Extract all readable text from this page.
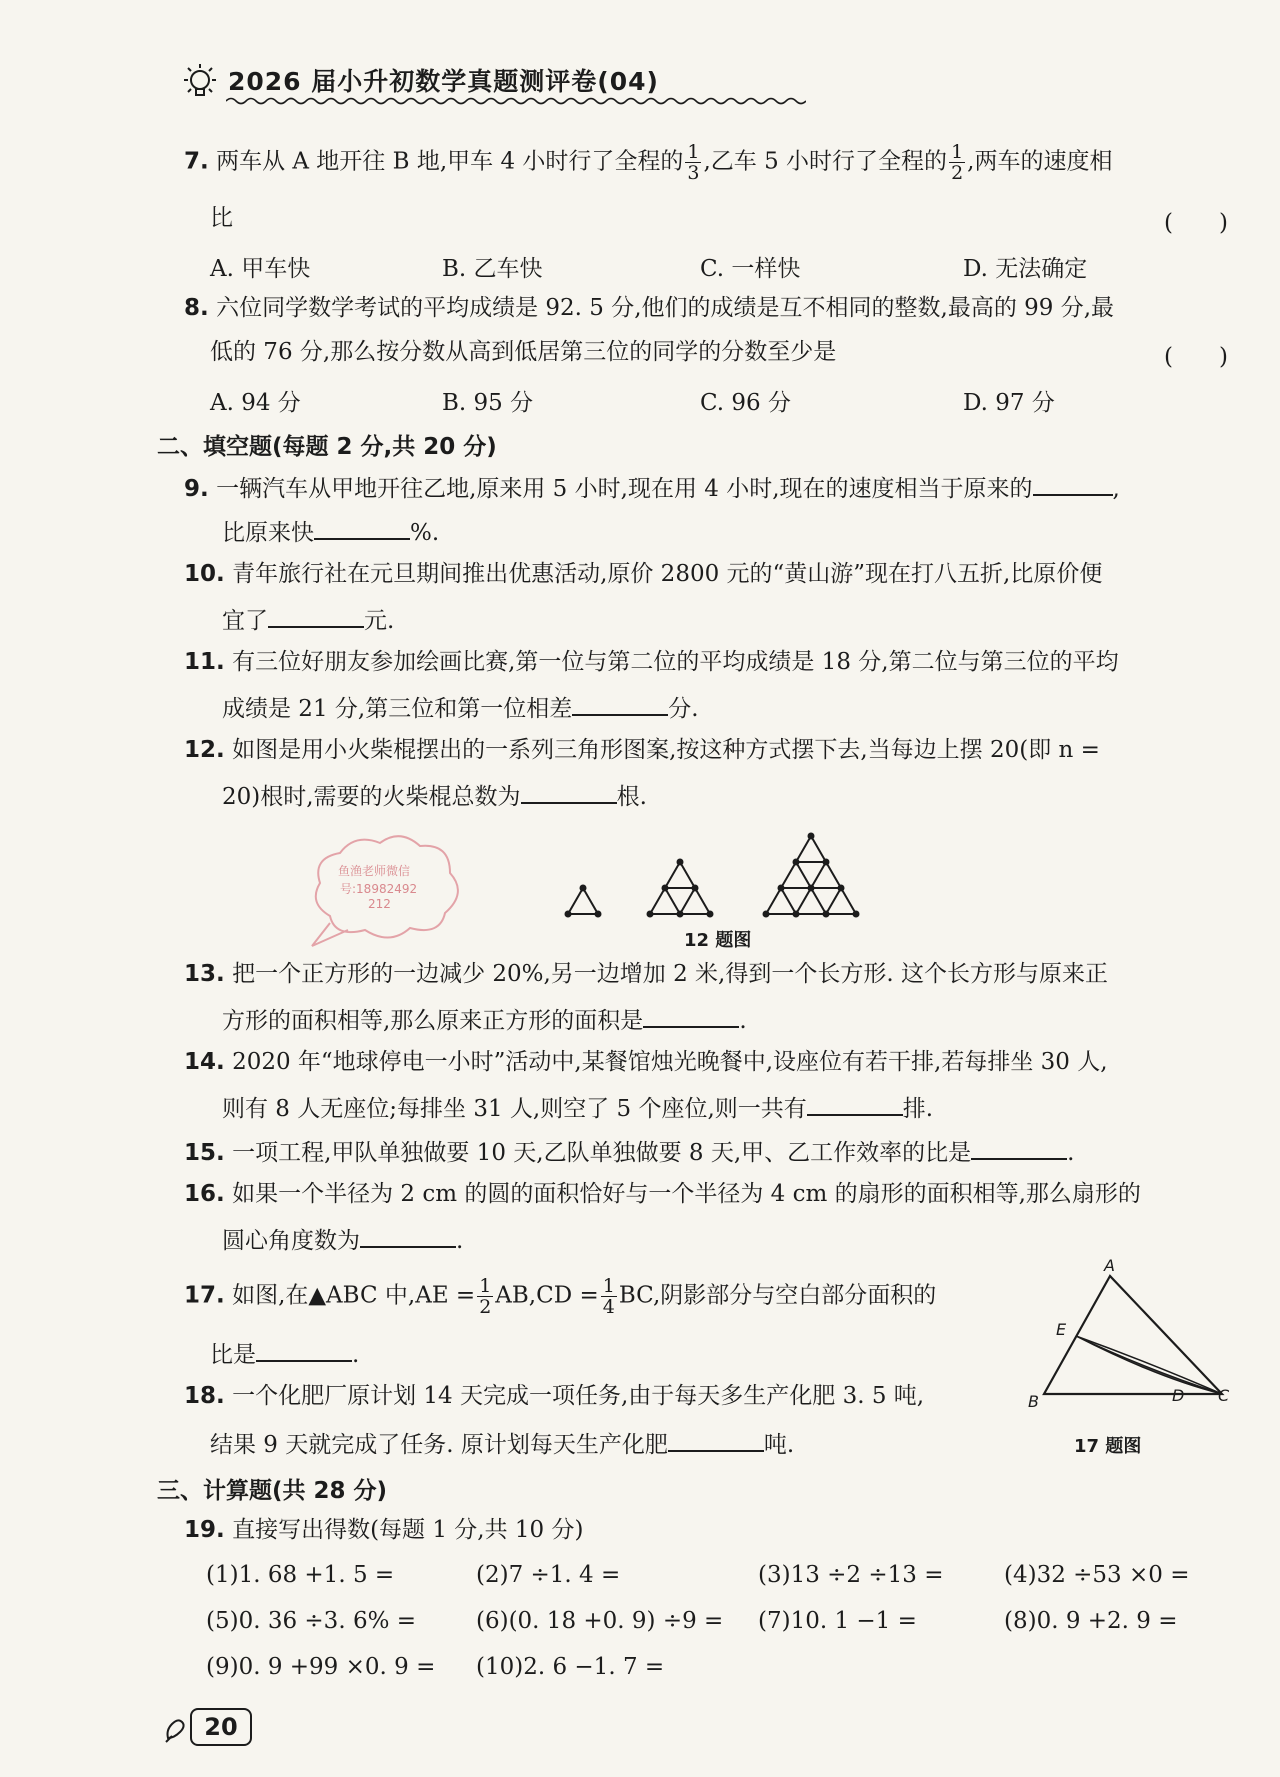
2026 届小升初数学真题测评卷(04)
7. 两车从 A 地开往 B 地,甲车 4 小时行了全程的 $\frac{1}{3}$ ,乙车 5 小时行了全程的 $\frac{1}{2}$ ,两车的速度相
比	(　　)
A. 甲车快	B. 乙车快	C. 一样快	D. 无法确定
8. 六位同学数学考试的平均成绩是 92. 5 分,他们的成绩是互不相同的整数,最高的 99 分,最
低的 76 分,那么按分数从高到低居第三位的同学的分数至少是	(　　)
A. 94 分	B. 95 分	C. 96 分	D. 97 分
二、填空题(每题 2 分,共 20 分)
9. 一辆汽车从甲地开往乙地,原来用 5 小时,现在用 4 小时,现在的速度相当于原来的	,
比原来快	%.
10. 青年旅行社在元旦期间推出优惠活动,原价 2800 元的“黄山游”现在打八五折,比原价便
宜了	元.
11. 有三位好朋友参加绘画比赛,第一位与第二位的平均成绩是 18 分,第二位与第三位的平均
成绩是 21 分,第三位和第一位相差	分.
12. 如图是用小火柴棍摆出的一系列三角形图案,按这种方式摆下去,当每边上摆 20(即 n =
20)根时,需要的火柴棍总数为	根.
鱼渔老师微信
号:18982492
212
12 题图
13. 把一个正方形的一边减少 20%,另一边增加 2 米,得到一个长方形. 这个长方形与原来正
方形的面积相等,那么原来正方形的面积是	.
14. 2020 年“地球停电一小时”活动中,某餐馆烛光晚餐中,设座位有若干排,若每排坐 30 人,
则有 8 人无座位;每排坐 31 人,则空了 5 个座位,则一共有	排.
15. 一项工程,甲队单独做要 10 天,乙队单独做要 8 天,甲、乙工作效率的比是	.
16. 如果一个半径为 2 cm 的圆的面积恰好与一个半径为 4 cm 的扇形的面积相等,那么扇形的
圆心角度数为	.
17. 如图,在▲ABC 中$,AE = \frac{1}{2} AB,CD = \frac{1}{4}$ BC,阴影部分与空白部分面积的
比是	.
A
B	C
D
E
17 题图
18. 一个化肥厂原计划 14 天完成一项任务,由于每天多生产化肥 3. 5 吨,
结果 9 天就完成了任务. 原计划每天生产化肥	吨.
三、计算题(共 28 分)
19. 直接写出得数(每题 1 分,共 10 分)
(1)1. 68 +1. 5 =	(2)7 ÷1. 4 =	(3)13 ÷2 ÷13 =	(4)32 ÷53 ×0 =
(5)0. 36 ÷3. 6% =	(6)(0. 18 +0. 9) ÷9 = (7)10. 1 −1 =	(8)0. 9 +2. 9 =
(9)0. 9 +99 ×0. 9 = (10)2. 6 −1. 7 =
20
